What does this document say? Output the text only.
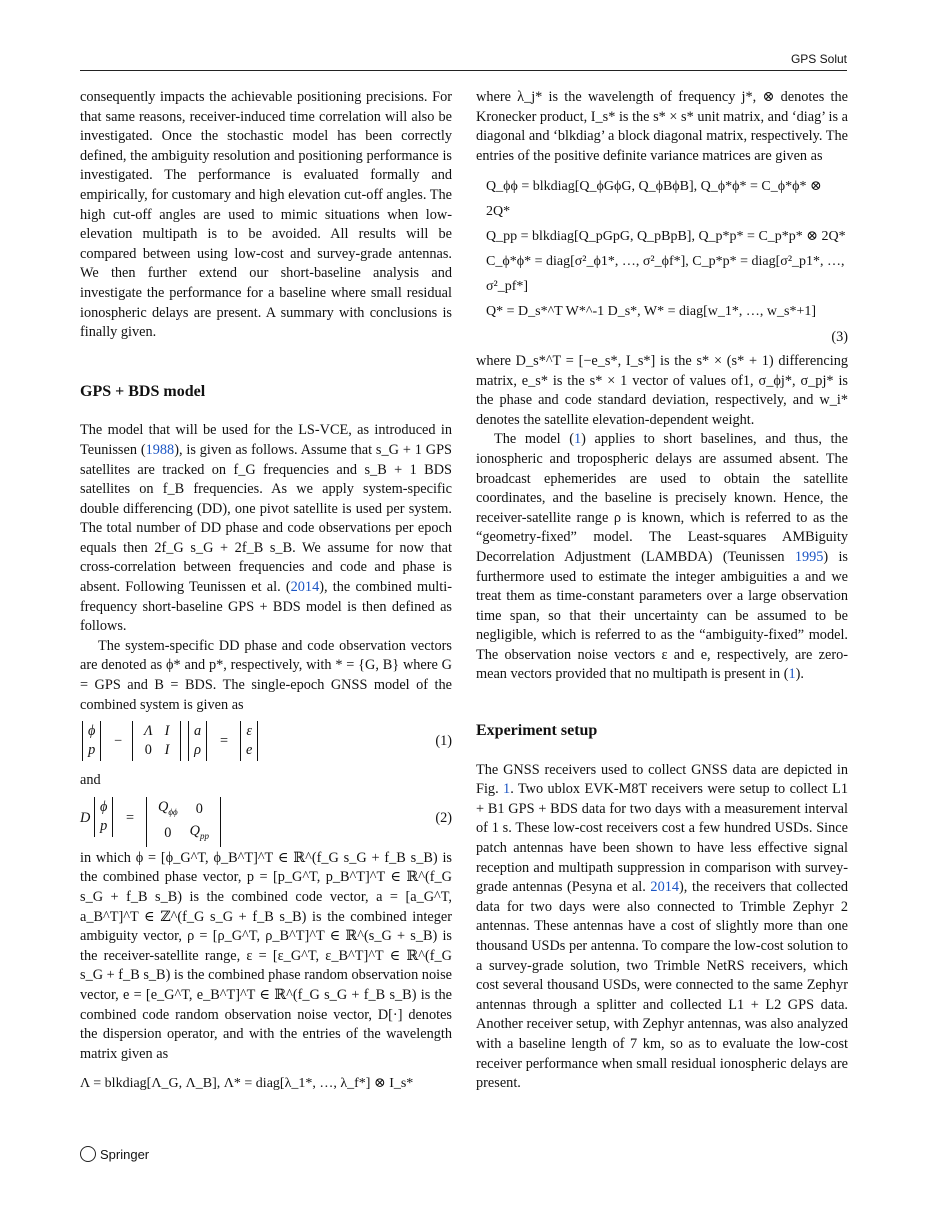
GPS Solut

consequently impacts the achievable positioning precisions. For that same reasons, receiver-induced time correlation will also be investigated. Once the stochastic model has been correctly defined, the ambiguity resolution and positioning performance is investigated. The performance is evaluated formally and empirically, for customary and high elevation cut-off angles. The high cut-off angles are used to mimic situations when low-elevation multipath is to be avoided. All results will be compared between using low-cost and survey-grade antennas. We then further extend our short-baseline analysis and investigate the performance for a baseline where small residual ionospheric delays are present. A summary with conclusions is finally given.

GPS + BDS model

The model that will be used for the LS-VCE, as introduced in Teunissen (1988), is given as follows. Assume that s_G + 1 GPS satellites are tracked on f_G frequencies and s_B + 1 BDS satellites on f_B frequencies. As we apply system-specific double differencing (DD), one pivot satellite is used per system. The total number of DD phase and code observations per epoch equals then 2f_G s_G + 2f_B s_B. We assume for now that cross-correlation between frequencies and code and phase is absent. Following Teunissen et al. (2014), the combined multi-frequency short-baseline GPS + BDS model is then defined as follows.

The system-specific DD phase and code observation vectors are denoted as ϕ* and p*, respectively, with * = {G, B} where G = GPS and B = BDS. The single-epoch GNSS model of the combined system is given as

ϕ
p
−
Λ	I
0	I
a
ρ
=
ε
e
(1)

and

D
ϕ
p	=
$Q_{\phi\phi}$	0
0	$Q_{pp}$
(2)

in which ϕ = [ϕ_G^T, ϕ_B^T]^T ∈ ℝ^(f_G s_G + f_B s_B) is the combined phase vector, p = [p_G^T, p_B^T]^T ∈ ℝ^(f_G s_G + f_B s_B) is the combined code vector, a = [a_G^T, a_B^T]^T ∈ ℤ^(f_G s_G + f_B s_B) is the combined integer ambiguity vector, ρ = [ρ_G^T, ρ_B^T]^T ∈ ℝ^(s_G + s_B) is the receiver-satellite range, ε = [ε_G^T, ε_B^T]^T ∈ ℝ^(f_G s_G + f_B s_B) is the combined phase random observation noise vector, e = [e_G^T, e_B^T]^T ∈ ℝ^(f_G s_G + f_B s_B) is the combined code random observation noise vector, D[·] denotes the dispersion operator, and with the entries of the wavelength matrix given as

Λ = blkdiag[Λ_G, Λ_B], Λ* = diag[λ_1*, …, λ_f*] ⊗ I_s*

where λ_j* is the wavelength of frequency j*, ⊗ denotes the Kronecker product, I_s* is the s* × s* unit matrix, and ‘diag’ is a diagonal and ‘blkdiag’ a block diagonal matrix, respectively. The entries of the positive definite variance matrices are given as

Q_ϕϕ = blkdiag[Q_ϕGϕG, Q_ϕBϕB], Q_ϕ*ϕ* = C_ϕ*ϕ* ⊗ 2Q*
Q_pp = blkdiag[Q_pGpG, Q_pBpB], Q_p*p* = C_p*p* ⊗ 2Q*
C_ϕ*ϕ* = diag[σ²_ϕ1*, …, σ²_ϕf*], C_p*p* = diag[σ²_p1*, …, σ²_pf*]
Q* = D_s*^T W*^-1 D_s*, W* = diag[w_1*, …, w_s*+1]
(3)

where D_s*^T = [−e_s*, I_s*] is the s* × (s* + 1) differencing matrix, e_s* is the s* × 1 vector of values of1, σ_ϕj*, σ_pj* is the phase and code standard deviation, respectively, and w_i* denotes the satellite elevation-dependent weight.

The model (1) applies to short baselines, and thus, the ionospheric and tropospheric delays are assumed absent. The broadcast ephemerides are used to obtain the satellite coordinates, and the baseline is precisely known. Hence, the receiver-satellite range ρ is known, which is referred to as the “geometry-fixed” model. The Least-squares AMBiguity Decorrelation Adjustment (LAMBDA) (Teunissen 1995) is furthermore used to estimate the integer ambiguities a and we treat them as time-constant parameters over a large observation time span, so that their uncertainty can be assumed to be negligible, which is referred to as the “ambiguity-fixed” model. The observation noise vectors ε and e, respectively, are zero-mean vectors provided that no multipath is present in (1).

Experiment setup

The GNSS receivers used to collect GNSS data are depicted in Fig. 1. Two ublox EVK-M8T receivers were setup to collect L1 + B1 GPS + BDS data for two days with a measurement interval of 1 s. These low-cost receivers cost a few hundred USDs. Since patch antennas have been shown to have less effective signal reception and multipath suppression in comparison with survey-grade antennas (Pesyna et al. 2014), the receivers that collected data for two days were also connected to Trimble Zephyr 2 antennas. These antennas have a cost of slightly more than one thousand USDs per antenna. To compare the low-cost solution to a survey-grade solution, two Trimble NetRS receivers, which cost several thousand USDs, were connected to the same Zephyr antennas through a splitter and collected L1 + L2 GPS data. Another receiver setup, with Zephyr antennas, was also analyzed with a baseline length of 7 km, so as to evaluate the low-cost receiver performance when small residual ionospheric delays are present.

Springer
